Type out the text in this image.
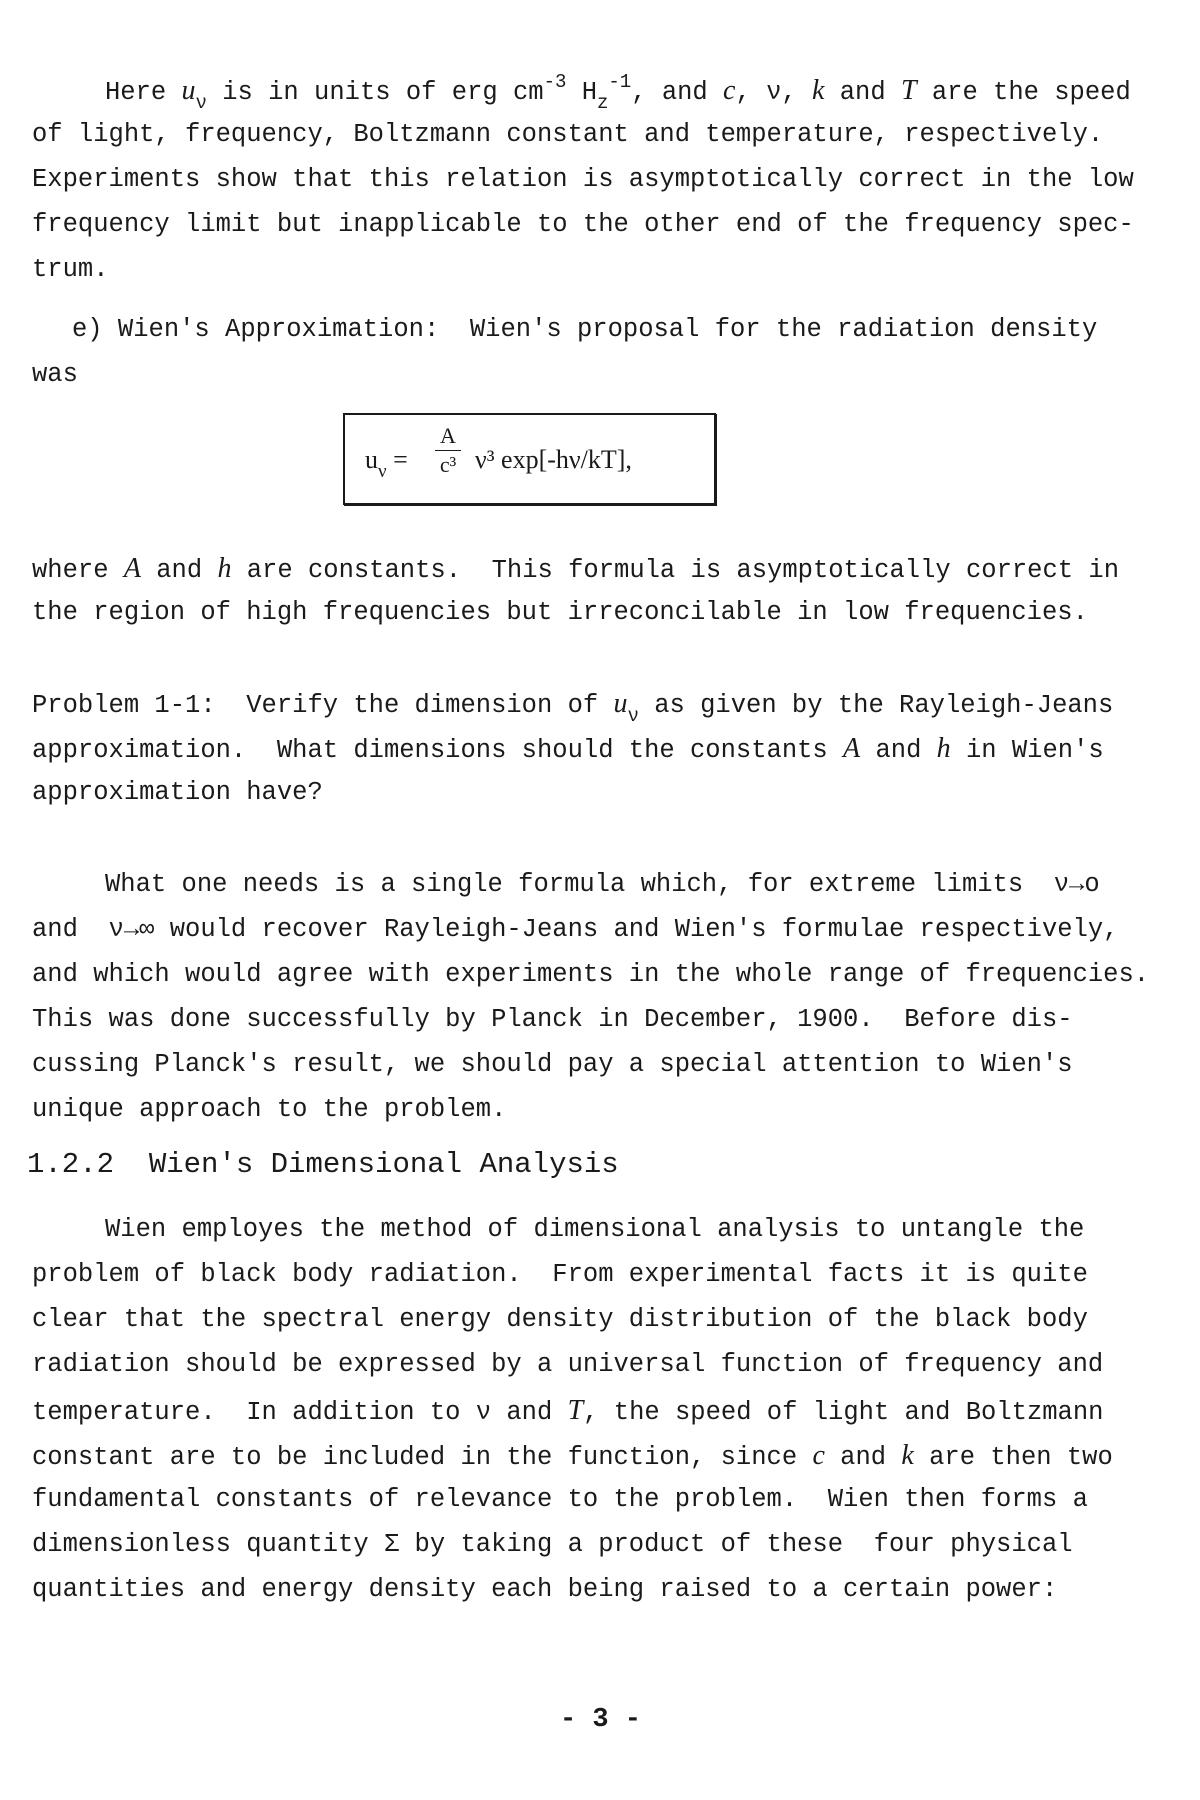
Here $u_\nu$ is in units of erg $cm^{-3}$ $H_z^{-1}$, and c, ν, k and T are the speed
of light, frequency, Boltzmann constant and temperature, respectively.
Experiments show that this relation is asymptotically correct in the low
frequency limit but inapplicable to the other end of the frequency spec-
trum.
e) Wien's Approximation:  Wien's proposal for the radiation density
was
$u_\nu$ =
A
c³ ν³ exp[-hν/kT],
where A and h are constants.  This formula is asymptotically correct in
the region of high frequencies but irreconcilable in low frequencies.
Problem 1-1:  Verify the dimension of $u_\nu$ as given by the Rayleigh-Jeans
approximation.  What dimensions should the constants A and h in Wien's
approximation have?
What one needs is a single formula which, for extreme limits  ν→o
and  ν→∞ would recover Rayleigh-Jeans and Wien's formulae respectively,
and which would agree with experiments in the whole range of frequencies.
This was done successfully by Planck in December, 1900.  Before dis-
cussing Planck's result, we should pay a special attention to Wien's
unique approach to the problem.
1.2.2  Wien's Dimensional Analysis
Wien employes the method of dimensional analysis to untangle the
problem of black body radiation.  From experimental facts it is quite
clear that the spectral energy density distribution of the black body
radiation should be expressed by a universal function of frequency and
temperature.  In addition to ν and T, the speed of light and Boltzmann
constant are to be included in the function, since c and k are then two
fundamental constants of relevance to the problem.  Wien then forms a
dimensionless quantity Σ by taking a product of these  four physical
quantities and energy density each being raised to a certain power:
- 3 -
